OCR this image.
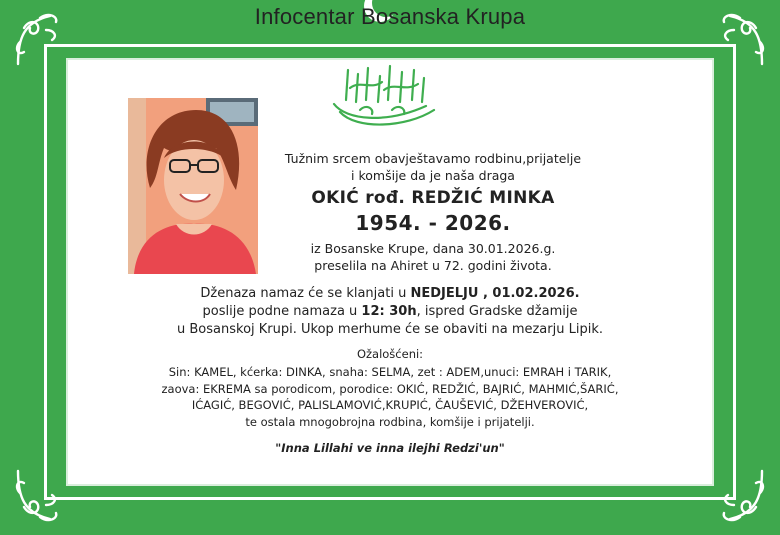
Infocentar Bosanska Krupa
Tužnim srcem obavještavamo rodbinu,prijatelje
i komšije da je naša draga
OKIĆ rođ. REDŽIĆ MINKA
1954. - 2026.
iz Bosanske Krupe, dana 30.01.2026.g.
preselila na Ahiret u 72. godini života.
Dženaza namaz će se klanjati u NEDJELJU , 01.02.2026.
poslije podne namaza u 12: 30h, ispred Gradske džamije
u Bosanskoj Krupi. Ukop merhume će se obaviti na mezarju Lipik.
Ožalošćeni:
Sin: KAMEL, kćerka: DINKA, snaha: SELMA, zet : ADEM,unuci: EMRAH i TARIK,
zaova: EKREMA sa porodicom, porodice: OKIĆ, REDŽIĆ, BAJRIĆ, MAHMIĆ,ŠARIĆ,
IĆAGIĆ, BEGOVIĆ, PALISLAMOVIĆ,KRUPIĆ, ČAUŠEVIĆ, DŽEHVEROVIĆ,
te ostala mnogobrojna rodbina, komšije i prijatelji.
"Inna Lillahi ve inna ilejhi Redzi'un"
